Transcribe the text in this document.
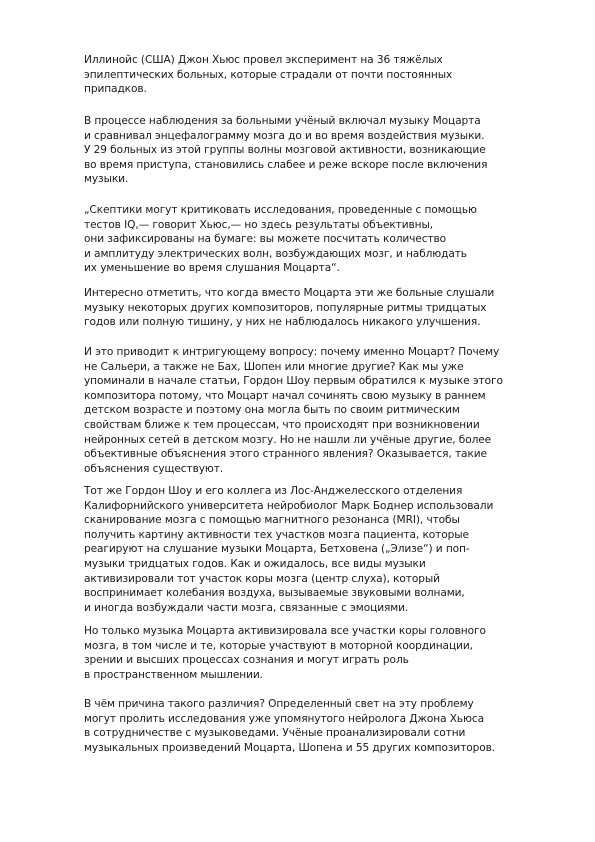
Иллинойс (США) Джон Хьюс провел эксперимент на 36 тяжёлых
эпилептических больных, которые страдали от почти постоянных
припадков.

В процессе наблюдения за больными учёный включал музыку Моцарта
и сравнивал энцефалограмму мозга до и во время воздействия музыки.
У 29 больных из этой группы волны мозговой активности, возникающие
во время приступа, становились слабее и реже вскоре после включения
музыки.

„Скептики могут критиковать исследования, проведенные с помощью
тестов IQ,— говорит Хьюс,— но здесь результаты объективны,
они зафиксированы на бумаге: вы можете посчитать количество
и амплитуду электрических волн, возбуждающих мозг, и наблюдать
их уменьшение во время слушания Моцарта“.

Интересно отметить, что когда вместо Моцарта эти же больные слушали
музыку некоторых других композиторов, популярные ритмы тридцатых
годов или полную тишину, у них не наблюдалось никакого улучшения.

И это приводит к интригующему вопросу: почему именно Моцарт? Почему
не Сальери, а также не Бах, Шопен или многие другие? Как мы уже
упоминали в начале статьи, Гордон Шоу первым обратился к музыке этого
композитора потому, что Моцарт начал сочинять свою музыку в раннем
детском возрасте и поэтому она могла быть по своим ритмическим
свойствам ближе к тем процессам, что происходят при возникновении
нейронных сетей в детском мозгу. Но не нашли ли учёные другие, более
объективные объяснения этого странного явления? Оказывается, такие
объяснения существуют.

Тот же Гордон Шоу и его коллега из Лос-Анджелесского отделения
Калифорнийского университета нейробиолог Марк Боднер использовали
сканирование мозга с помощью магнитного резонанса (MRI), чтобы
получить картину активности тех участков мозга пациента, которые
реагируют на слушание музыки Моцарта, Бетховена („Элизе“) и поп-
музыки тридцатых годов. Как и ожидалось, все виды музыки
активизировали тот участок коры мозга (центр слуха), который
воспринимает колебания воздуха, вызываемые звуковыми волнами,
и иногда возбуждали части мозга, связанные с эмоциями.

Но только музыка Моцарта активизировала все участки коры головного
мозга, в том числе и те, которые участвуют в моторной координации,
зрении и высших процессах сознания и могут играть роль
в пространственном мышлении.

В чём причина такого различия? Определенный свет на эту проблему
могут пролить исследования уже упомянутого нейролога Джона Хьюса
в сотрудничестве с музыковедами. Учёные проанализировали сотни
музыкальных произведений Моцарта, Шопена и 55 других композиторов.
